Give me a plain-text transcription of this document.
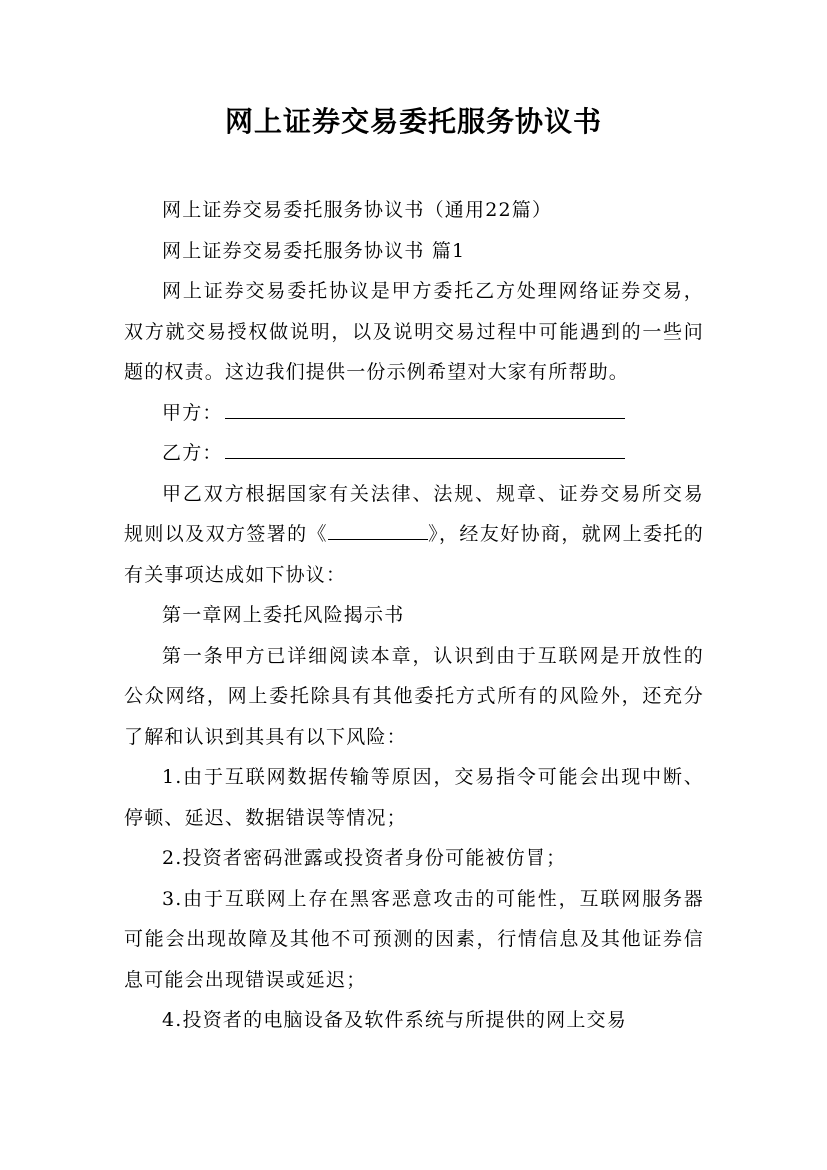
网上证券交易委托服务协议书

网上证券交易委托服务协议书（通用22篇）

网上证券交易委托服务协议书 篇1

网上证券交易委托协议是甲方委托乙方处理网络证券交易，双方就交易授权做说明，以及说明交易过程中可能遇到的一些问题的权责。这边我们提供一份示例希望对大家有所帮助。

甲方：

乙方：

甲乙双方根据国家有关法律、法规、规章、证券交易所交易规则以及双方签署的《	》，经友好协商，就网上委托的有关事项达成如下协议：

第一章网上委托风险揭示书

第一条甲方已详细阅读本章，认识到由于互联网是开放性的公众网络，网上委托除具有其他委托方式所有的风险外，还充分了解和认识到其具有以下风险：

1.由于互联网数据传输等原因，交易指令可能会出现中断、停顿、延迟、数据错误等情况；

2.投资者密码泄露或投资者身份可能被仿冒；

3.由于互联网上存在黑客恶意攻击的可能性，互联网服务器可能会出现故障及其他不可预测的因素，行情信息及其他证券信息可能会出现错误或延迟；

4.投资者的电脑设备及软件系统与所提供的网上交易
